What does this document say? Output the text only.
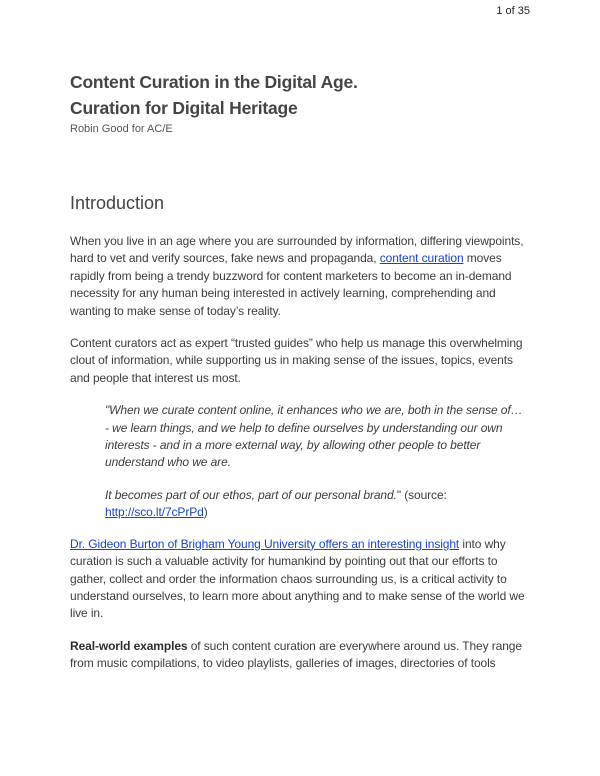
1 of 35
Content Curation in the Digital Age.
Curation for Digital Heritage
Robin Good for AC/E
Introduction

When you live in an age where you are surrounded by information, differing viewpoints, hard to vet and verify sources, fake news and propaganda, content curation moves rapidly from being a trendy buzzword for content marketers to become an in-demand necessity for any human being interested in actively learning, comprehending and wanting to make sense of today’s reality.

Content curators act as expert “trusted guides” who help us manage this overwhelming clout of information, while supporting us in making sense of the issues, topics, events and people that interest us most.

"When we curate content online, it enhances who we are, both in the sense of…
- we learn things, and we help to define ourselves by understanding our own interests - and in a more external way, by allowing other people to better understand who we are.

It becomes part of our ethos, part of our personal brand." (source: http://sco.lt/7cPrPd)

Dr. Gideon Burton of Brigham Young University offers an interesting insight into why curation is such a valuable activity for humankind by pointing out that our efforts to gather, collect and order the information chaos surrounding us, is a critical activity to understand ourselves, to learn more about anything and to make sense of the world we live in.

Real-world examples of such content curation are everywhere around us. They range from music compilations, to video playlists, galleries of images, directories of tools
